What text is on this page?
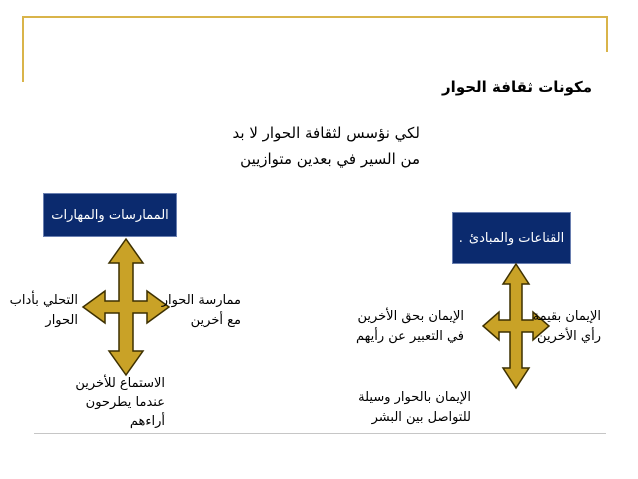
مكونات ثقافة الحوار
لكي نؤسس لثقافة الحوار لا بد
من السير في بعدين متوازيين
الممارسات والمهارات
ممارسة الحوار
مع أخرين
التحلي بأداب
الحوار
الاستماع للأخرين
عندما يطرحون
أراءهم
القناعات والمبادئ
.
الإيمان بقيمة
رأي الأخرين
الإيمان بحق الأخرين
في التعبير عن رأيهم
الإيمان بالحوار وسيلة
للتواصل بين البشر
